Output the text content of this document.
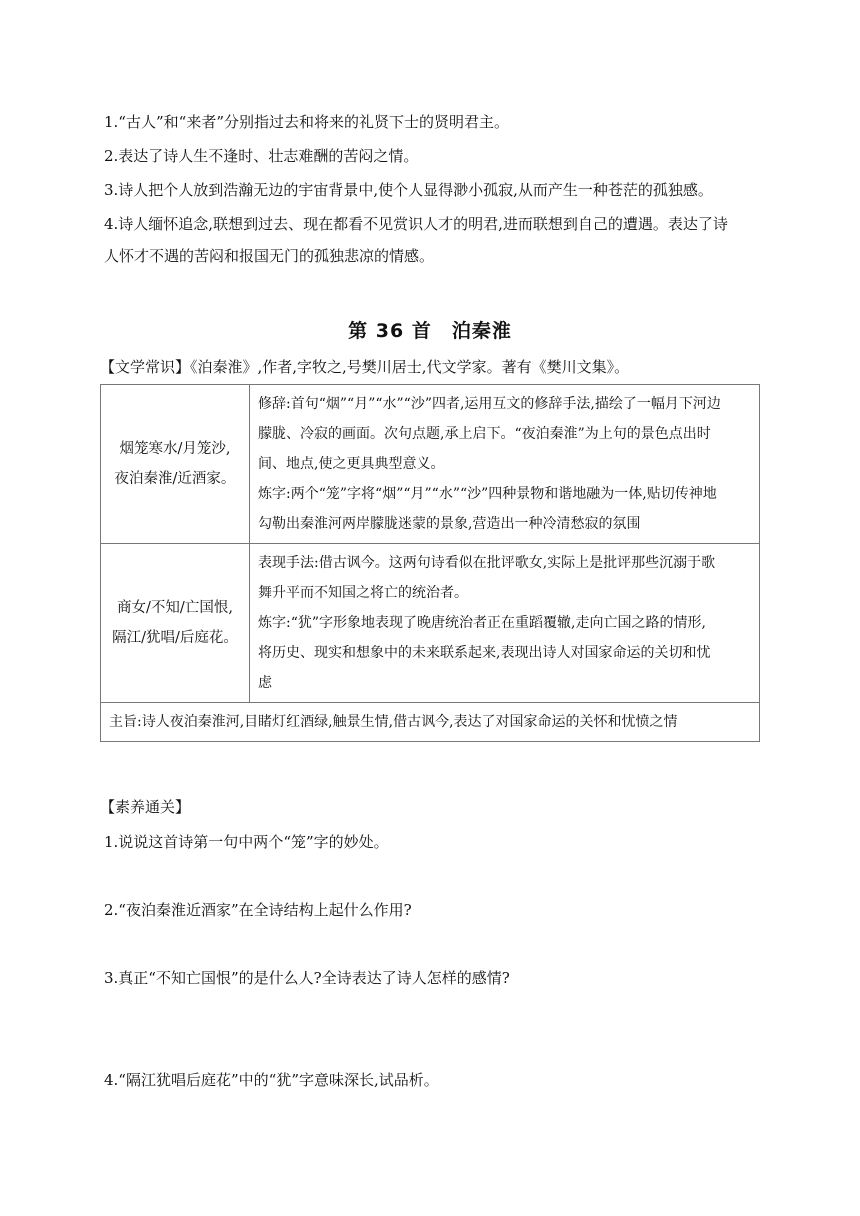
1.“古人”和“来者”分别指过去和将来的礼贤下士的贤明君主。
2.表达了诗人生不逢时、壮志难酬的苦闷之情。
3.诗人把个人放到浩瀚无边的宇宙背景中,使个人显得渺小孤寂,从而产生一种苍茫的孤独感。
4.诗人缅怀追念,联想到过去、现在都看不见赏识人才的明君,进而联想到自己的遭遇。表达了诗
人怀才不遇的苦闷和报国无门的孤独悲凉的情感。
第 36 首 泊秦淮
【文学常识】《泊秦淮》,作者,字牧之,号樊川居士,代文学家。著有《樊川文集》。
烟笼寒水/月笼沙,
夜泊秦淮/近酒家。	修辞:首句“烟”“月”“水”“沙”四者,运用互文的修辞手法,描绘了一幅月下河边
朦胧、冷寂的画面。次句点题,承上启下。“夜泊秦淮”为上句的景色点出时
间、地点,使之更具典型意义。
炼字:两个“笼”字将“烟”“月”“水”“沙”四种景物和谐地融为一体,贴切传神地
勾勒出秦淮河两岸朦胧迷蒙的景象,营造出一种冷清愁寂的氛围

商女/不知/亡国恨,
隔江/犹唱/后庭花。	表现手法:借古讽今。这两句诗看似在批评歌女,实际上是批评那些沉溺于歌
舞升平而不知国之将亡的统治者。
炼字:“犹”字形象地表现了晚唐统治者正在重蹈覆辙,走向亡国之路的情形,
将历史、现实和想象中的未来联系起来,表现出诗人对国家命运的关切和忧
虑

主旨:诗人夜泊秦淮河,目睹灯红酒绿,触景生情,借古讽今,表达了对国家命运的关怀和忧愤之情	
【素养通关】
1.说说这首诗第一句中两个“笼”字的妙处。
2.“夜泊秦淮近酒家”在全诗结构上起什么作用?
3.真正“不知亡国恨”的是什么人?全诗表达了诗人怎样的感情?
4.“隔江犹唱后庭花”中的“犹”字意味深长,试品析。
